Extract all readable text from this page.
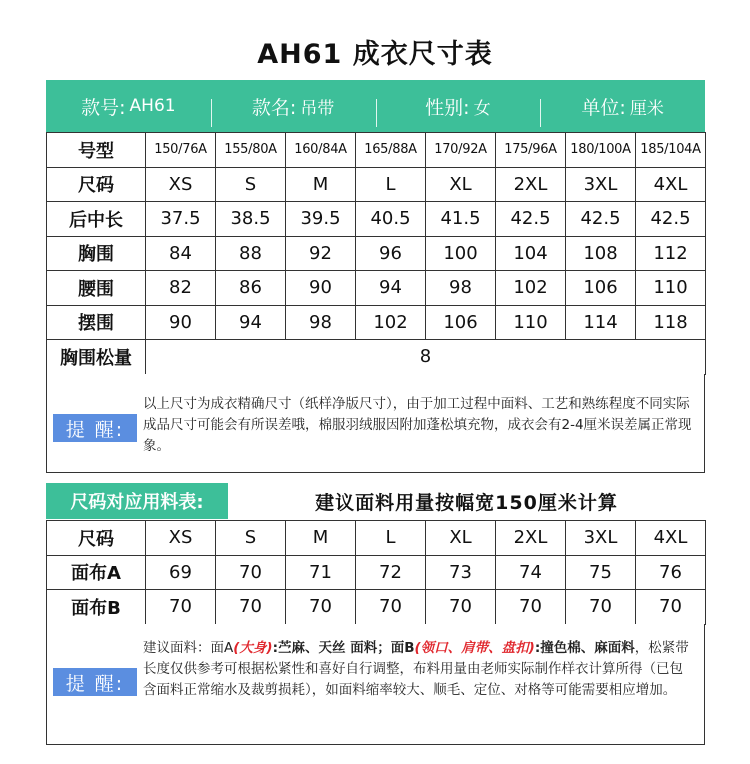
AH61 成衣尺寸表
款号: AH61	款名: 吊带	性别: 女	单位: 厘米
号型	150/76A	155/80A	160/84A	165/88A	170/92A	175/96A	180/100A	185/104A
尺码	XS	S	M	L	XL	2XL	3XL	4XL
后中长	37.5	38.5	39.5	40.5	41.5	42.5	42.5	42.5
胸围	84	88	92	96	100	104	108	112
腰围	82	86	90	94	98	102	106	110
摆围	90	94	98	102	106	110	114	118
胸围松量	8							
提 醒:
以上尺寸为成衣精确尺寸（纸样净版尺寸），由于加工过程中面料、工艺和熟练程度不同实际成品尺寸可能会有所误差哦，棉服羽绒服因附加蓬松填充物，成衣会有2-4厘米误差属正常现象。
尺码对应用料表:	建议面料用量按幅宽150厘米计算
尺码	XS	S	M	L	XL	2XL	3XL	4XL
面布A	69	70	71	72	73	74	75	76
面布B	70	70	70	70	70	70	70	70
提 醒:
建议面料：面A(大身):苎麻、天丝 面料；面B(领口、肩带、盘扣):撞色棉、麻面料，松紧带长度仅供参考可根据松紧性和喜好自行调整，布料用量由老师实际制作样衣计算所得（已包含面料正常缩水及裁剪损耗），如面料缩率较大、顺毛、定位、对格等可能需要相应增加。
